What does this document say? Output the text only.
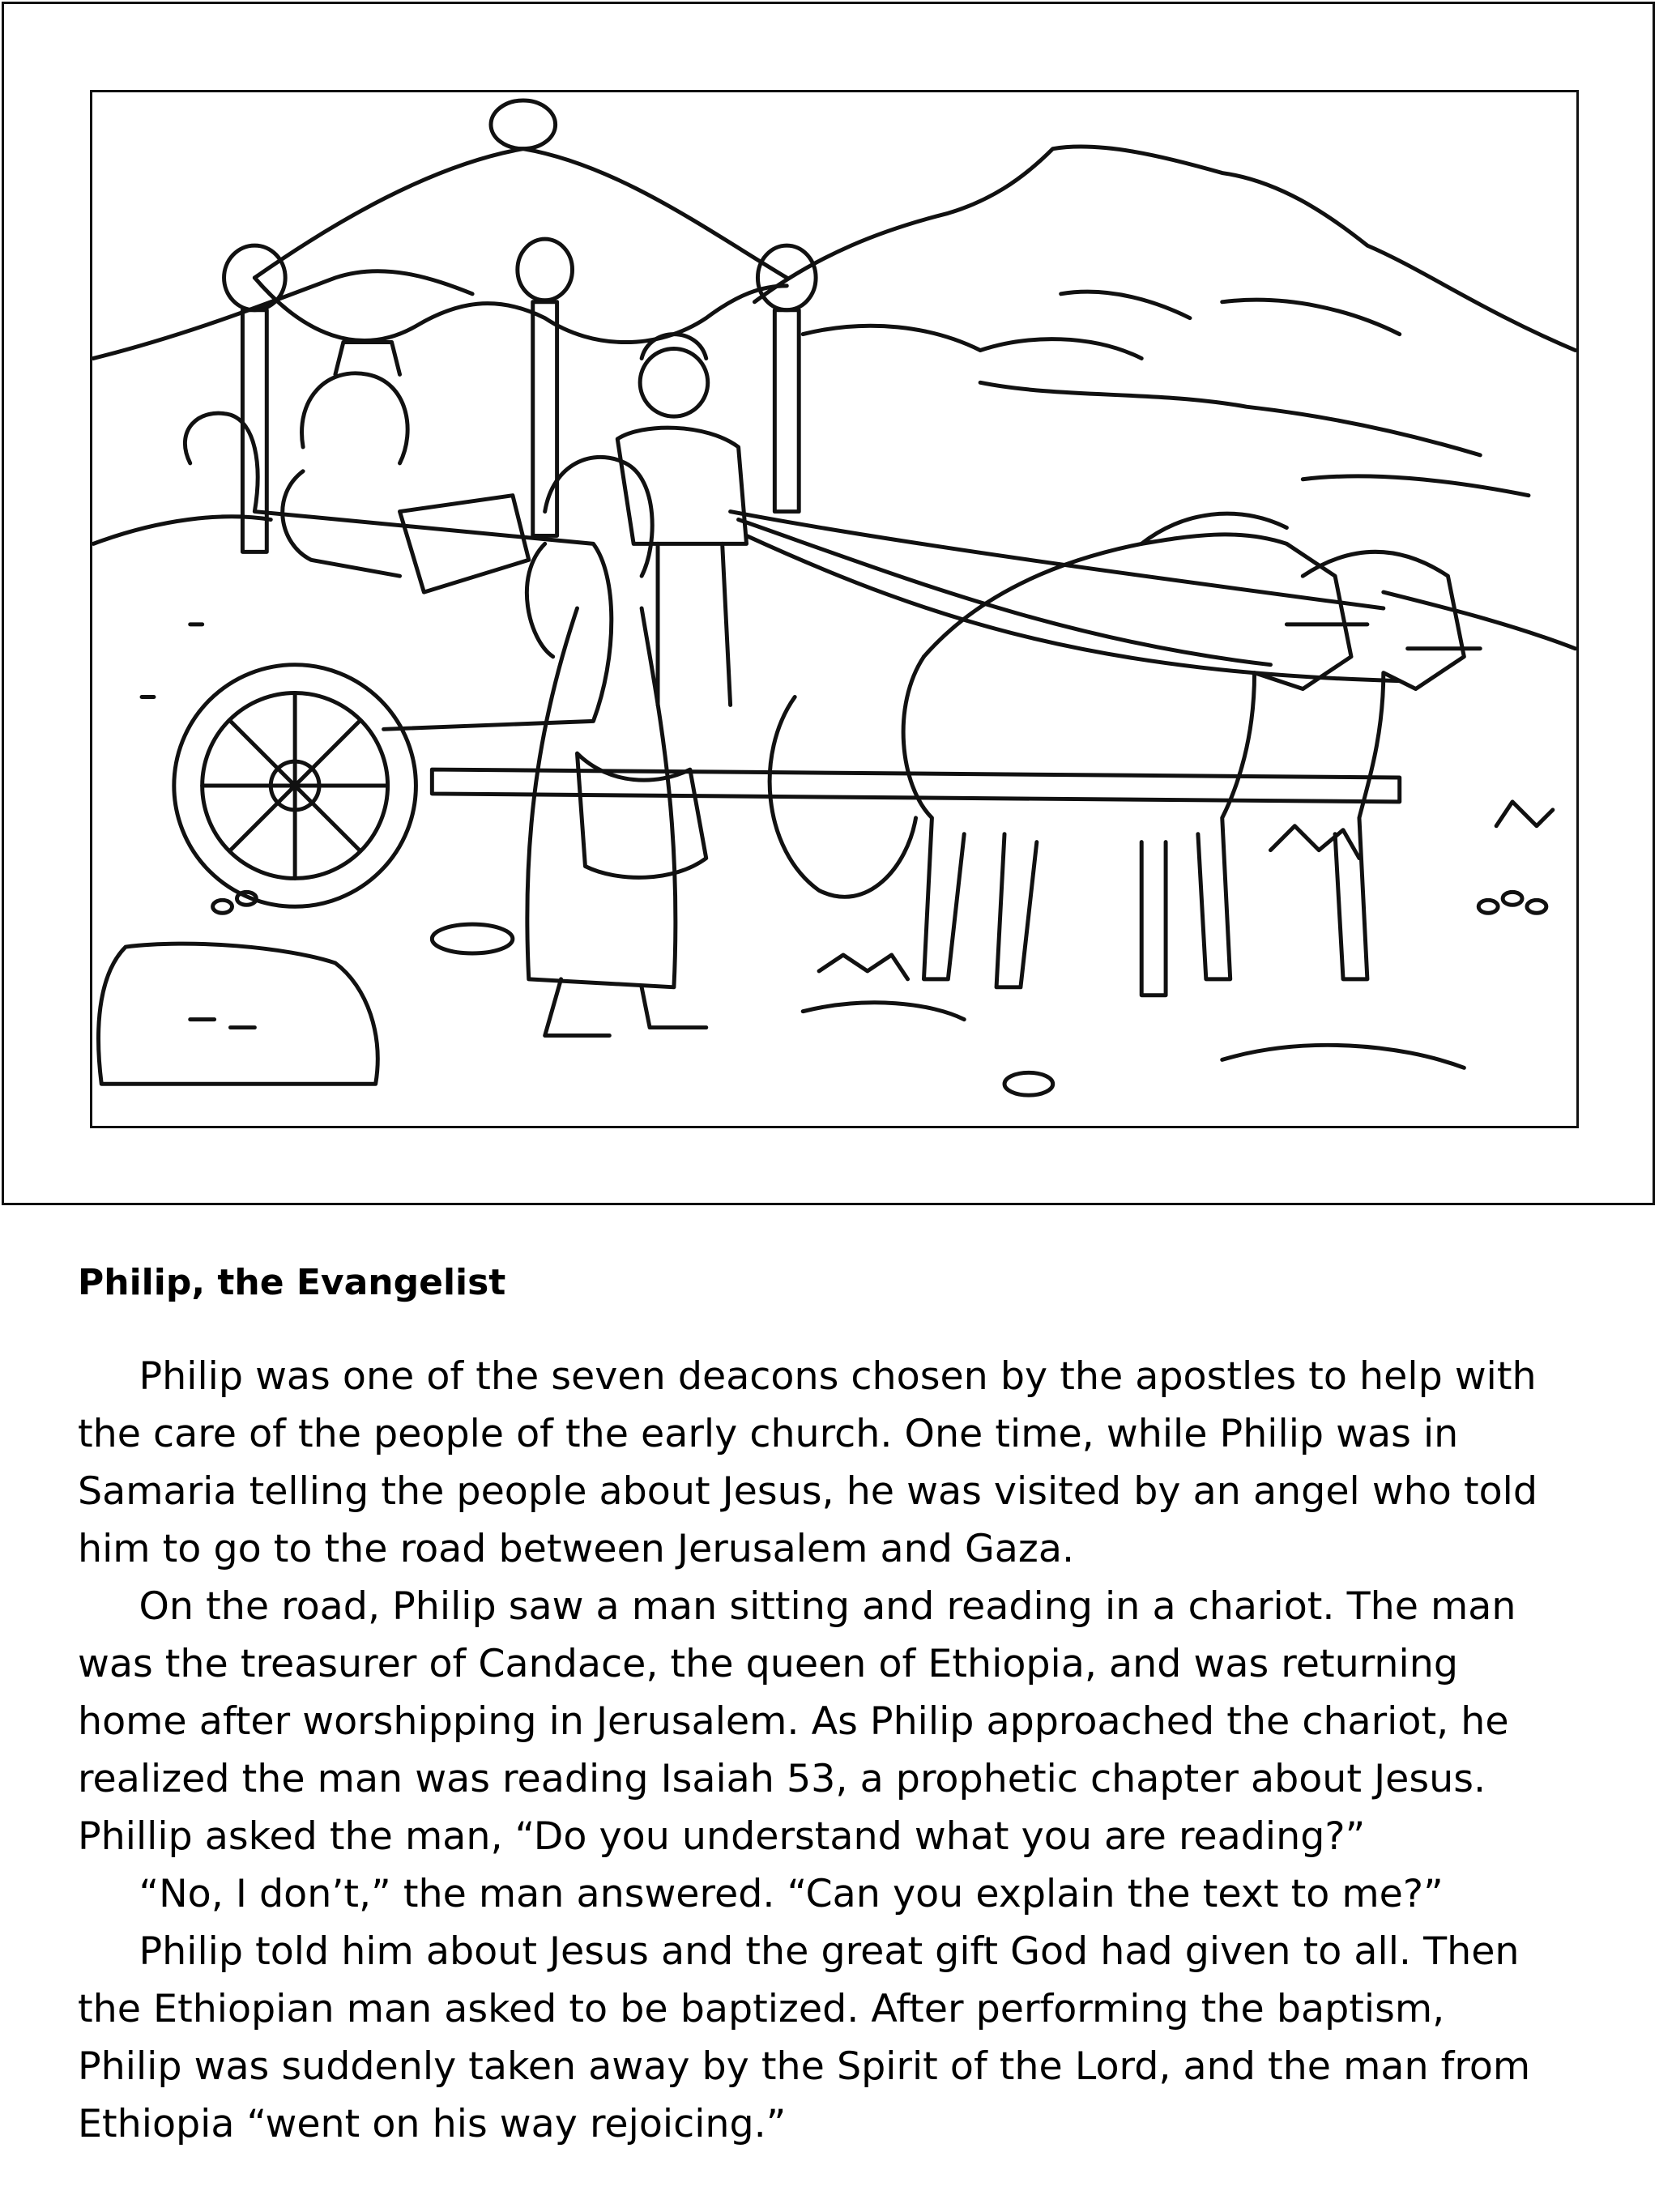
Philip, the Evangelist
Philip was one of the seven deacons chosen by the apostles to help with
the care of the people of the early church. One time, while Philip was in
Samaria telling the people about Jesus, he was visited by an angel who told
him to go to the road between Jerusalem and Gaza.
On the road, Philip saw a man sitting and reading in a chariot. The man
was the treasurer of Candace, the queen of Ethiopia, and was returning
home after worshipping in Jerusalem. As Philip approached the chariot, he
realized the man was reading Isaiah 53, a prophetic chapter about Jesus.
Phillip asked the man, “Do you understand what you are reading?”
“No, I don’t,” the man answered. “Can you explain the text to me?”
Philip told him about Jesus and the great gift God had given to all. Then
the Ethiopian man asked to be baptized. After performing the baptism,
Philip was suddenly taken away by the Spirit of the Lord, and the man from
Ethiopia “went on his way rejoicing.”
